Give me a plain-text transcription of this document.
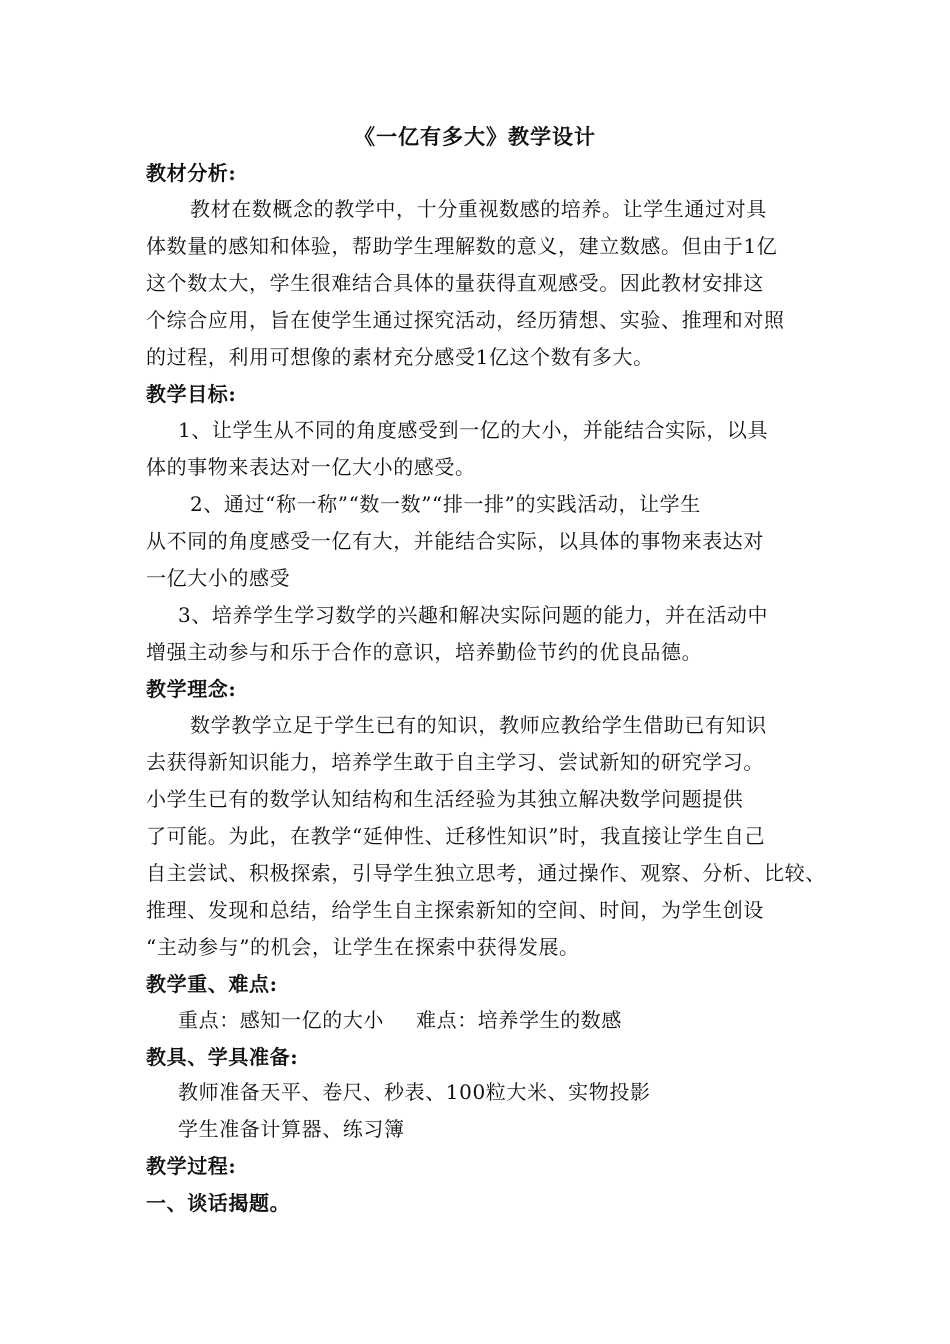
《一亿有多大》教学设计
教材分析:
教材在数概念的教学中，十分重视数感的培养。让学生通过对具
体数量的感知和体验，帮助学生理解数的意义，建立数感。但由于1亿
这个数太大，学生很难结合具体的量获得直观感受。因此教材安排这
个综合应用，旨在使学生通过探究活动，经历猜想、实验、推理和对照
的过程，利用可想像的素材充分感受1亿这个数有多大。
教学目标:
1、让学生从不同的角度感受到一亿的大小，并能结合实际，以具
体的事物来表达对一亿大小的感受。
2、通过“称一称”“数一数”“排一排”的实践活动，让学生
从不同的角度感受一亿有大，并能结合实际，以具体的事物来表达对
一亿大小的感受
3、培养学生学习数学的兴趣和解决实际问题的能力，并在活动中
增强主动参与和乐于合作的意识，培养勤俭节约的优良品德。
教学理念:
数学教学立足于学生已有的知识，教师应教给学生借助已有知识
去获得新知识能力，培养学生敢于自主学习、尝试新知的研究学习。
小学生已有的数学认知结构和生活经验为其独立解决数学问题提供
了可能。为此，在教学“延伸性、迁移性知识”时，我直接让学生自己
自主尝试、积极探索，引导学生独立思考，通过操作、观察、分析、比较、
推理、发现和总结，给学生自主探索新知的空间、时间，为学生创设
“主动参与”的机会，让学生在探索中获得发展。
教学重、难点:
重点：感知一亿的大小 难点：培养学生的数感
教具、学具准备:
教师准备天平、卷尺、秒表、100粒大米、实物投影
学生准备计算器、练习簿
教学过程:
一、谈话揭题。
